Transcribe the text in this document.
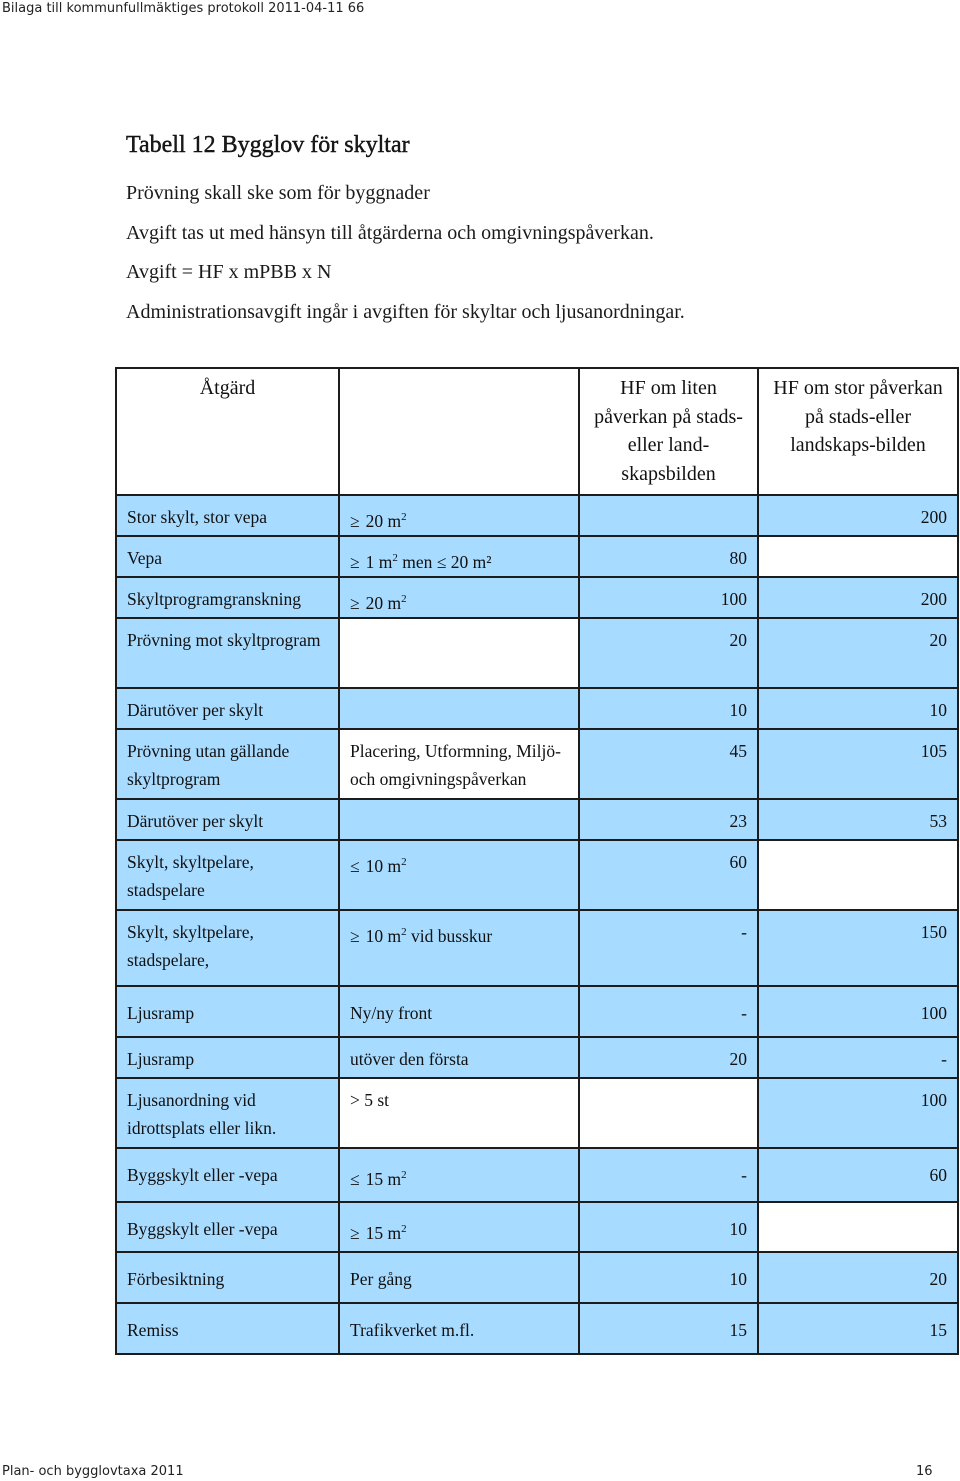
Bilaga till kommunfullmäktiges protokoll 2011-04-11 66
Tabell 12 Bygglov för skyltar

Prövning skall ske som för byggnader

Avgift tas ut med hänsyn till åtgärderna och omgivningspåverkan.

Avgift = HF x mPBB x N

Administrationsavgift ingår i avgiften för skyltar och ljusanordningar.

Åtgärd		HF om liten påverkan på stads- eller land-skapsbilden	HF om stor påverkan på stads-eller landskaps-bilden
Stor skylt, stor vepa	≥ 20 $m^2$		200
Vepa	≥ 1 $m^2$ men ≤ 20 m²	80	
Skyltprogramgranskning	≥ 20 $m^2$	100	200
Prövning mot skyltprogram		20	20
Därutöver per skylt		10	10
Prövning utan gällande skyltprogram	Placering, Utformning, Miljö- och omgivningspåverkan	45	105
Därutöver per skylt		23	53
Skylt, skyltpelare, stadspelare	≤ 10 $m^2$	60	
Skylt, skyltpelare, stadspelare,	≥ 10 $m^2$ vid busskur	-	150
Ljusramp	Ny/ny front	-	100
Ljusramp	utöver den första	20	-
Ljusanordning vid idrottsplats eller likn.	> 5 st		100
Byggskylt eller -vepa	≤ 15 $m^2$	-	60
Byggskylt eller -vepa	≥ 15 $m^2$	10	
Förbesiktning	Per gång	10	20
Remiss	Trafikverket m.fl.	15	15
Plan- och bygglovtaxa 2011	16
